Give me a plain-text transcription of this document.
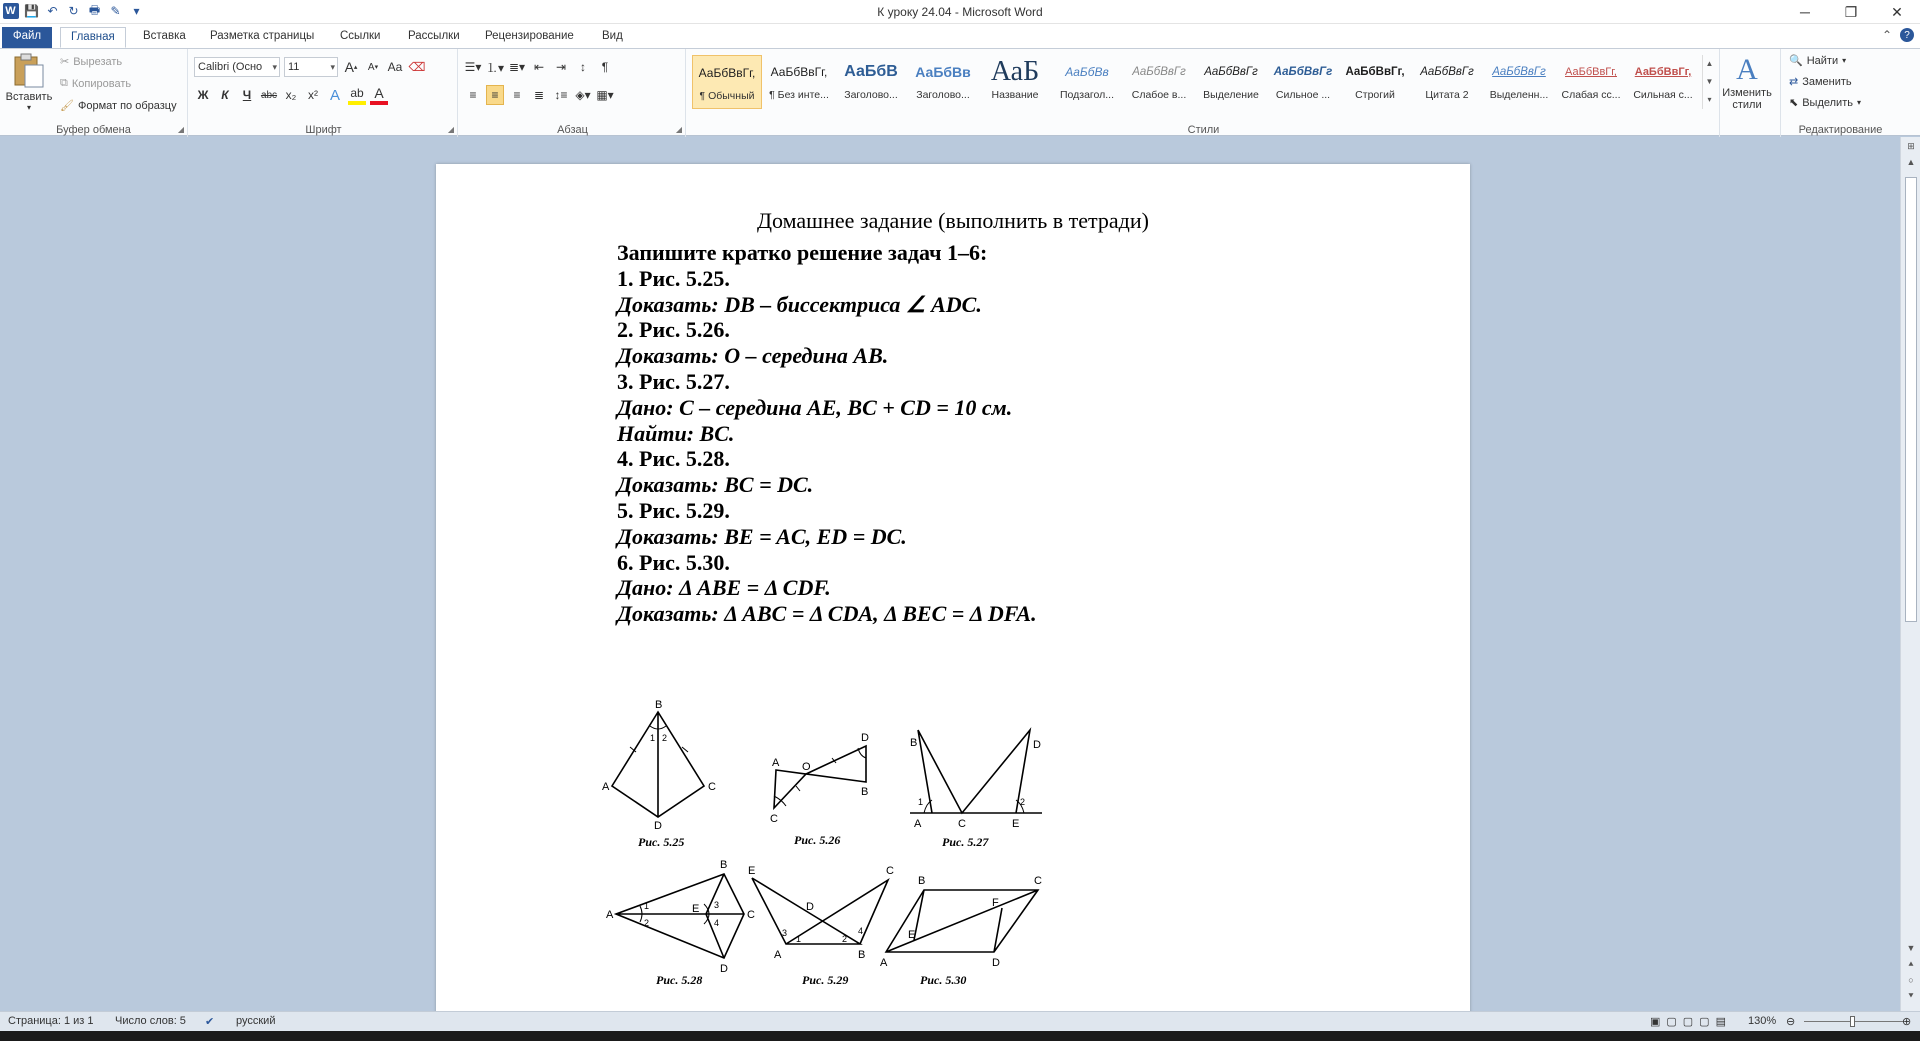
W 💾 ↶ ↻ 🖶 ✎	▾	К уроку 24.04 - Microsoft Word	─	❐	✕
Файл	Главная	Вставка	Разметка страницы	Ссылки	Рассылки	Рецензирование	Вид	⌃	?
Вставить
▾
✂ Вырезать
⧉ Копировать
🖌 Формат по образцу
Буфер обмена	◢
Calibri (Осно ▾	11 ▾	A ▴	A ▾ Aa ⌫
Ж	К	Ч abc x₂ x² A ab A
Шрифт	◢
☰▾ ⒈▾ ≣▾ ⇤ ⇥	↕	¶
≡	≡	≡	≣ ↕≡ ◈▾ ▦▾
Абзац	◢
АаБбВвГг,
¶ Обычный
АаБбВвГг,
¶ Без инте...
АаБбВ
Заголово...
АаБбВв
Заголово...
АаБ
Название
АаБбВв
Подзагол...
АаБбВвГг
Слабое в...
АаБбВвГг
Выделение
АаБбВвГг
Сильное ...
АаБбВвГг,
Строгий
АаБбВвГг
Цитата 2
АаБбВвГг
Выделенн...
АаБбВвГг,
Слабая сс...
АаБбВвГг,
Сильная с...
▲
▼
▾
Стили
A
Изменить стили
🔍 Найти ▾
⇄ Заменить
⬉ Выделить ▾
Редактирование
Домашнее задание (выполнить в тетради)
Запишите кратко решение задач 1–6:
1. Рис. 5.25.
Доказать: DB – биссектриса ∠ ADC.
2. Рис. 5.26.
Доказать: O – середина AB.
3. Рис. 5.27.
Дано: C – середина AE, BC + CD = 10 см.
Найти: BC.
4. Рис. 5.28.
Доказать: BC = DC.
5. Рис. 5.29.
Доказать: BE = AC, ED = DC.
6. Рис. 5.30.
Дано: Δ ABE = Δ CDF.
Доказать: Δ ABC = Δ CDA, Δ BEC = Δ DFA.
B
A	C
D
1 2
A O
D
B
C
B	D
A	C	E
1	2
A
B
C
D
E
1
2
3
4
E	C
D
A	B
3
1	2
4
A
B	C
D
E
F
Рис. 5.25	Рис. 5.26	Рис. 5.27
Рис. 5.28	Рис. 5.29	Рис. 5.30
⊞
▲
▼
⯅
○
⯆
Страница: 1 из 1 Число слов: 5 ✔ русский	▣▢▢▢▤ 130% ⊖	⊕
